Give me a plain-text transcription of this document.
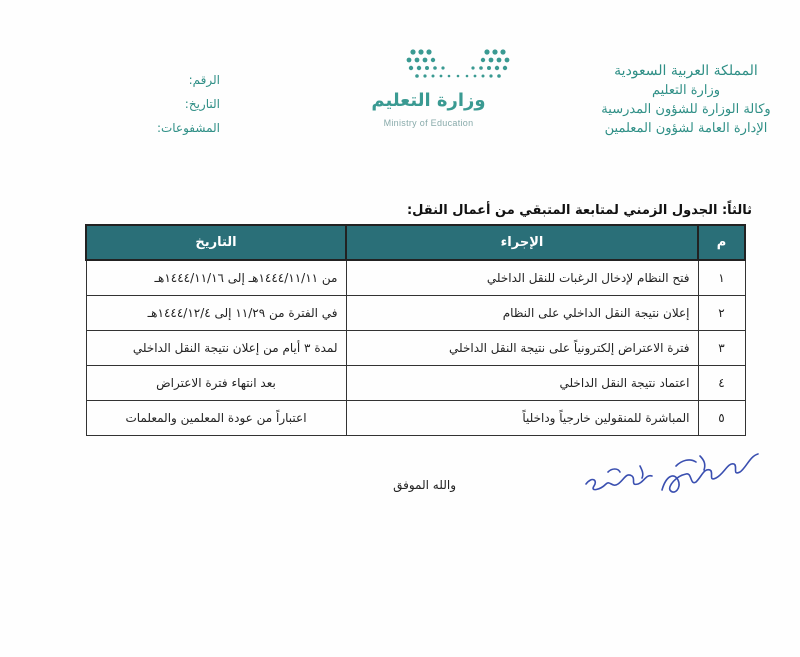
المملكة العربية السعودية
وزارة التعليم
وكالة الوزارة للشؤون المدرسية
الإدارة العامة لشؤون المعلمين
وزارة التعليم
Ministry of Education
الرقم:
التاريخ:
المشفوعات:
ثالثاً: الجدول الزمني لمتابعة المتبقي من أعمال النقل:
م	الإجراء	التاريخ
١	فتح النظام لإدخال الرغبات للنقل الداخلي	من ١٤٤٤/١١/١١هـ إلى ١٤٤٤/١١/١٦هـ
٢	إعلان نتيجة النقل الداخلي على النظام	في الفترة من ١١/٢٩ إلى ١٤٤٤/١٢/٤هـ
٣	فترة الاعتراض إلكترونياً على نتيجة النقل الداخلي	لمدة ٣ أيام من إعلان نتيجة النقل الداخلي
٤	اعتماد نتيجة النقل الداخلي	بعد انتهاء فترة الاعتراض
٥	المباشرة للمنقولين خارجياً وداخلياً	اعتباراً من عودة المعلمين والمعلمات
والله الموفق
